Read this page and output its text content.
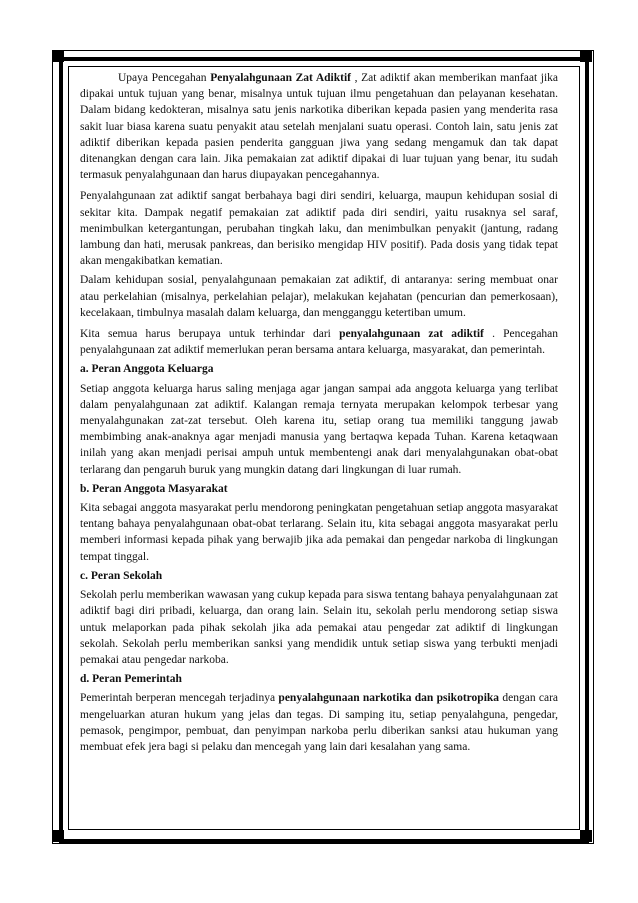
Upaya Pencegahan Penyalahgunaan Zat Adiktif , Zat adiktif akan memberikan manfaat jika dipakai untuk tujuan yang benar, misalnya untuk tujuan ilmu pengetahuan dan pelayanan kesehatan. Dalam bidang kedokteran, misalnya satu jenis narkotika diberikan kepada pasien yang menderita rasa sakit luar biasa karena suatu penyakit atau setelah menjalani suatu operasi. Contoh lain, satu jenis zat adiktif diberikan kepada pasien penderita gangguan jiwa yang sedang mengamuk dan tak dapat ditenangkan dengan cara lain. Jika pemakaian zat adiktif dipakai di luar tujuan yang benar, itu sudah termasuk penyalahgunaan dan harus diupayakan pencegahannya.

Penyalahgunaan zat adiktif sangat berbahaya bagi diri sendiri, keluarga, maupun kehidupan sosial di sekitar kita. Dampak negatif pemakaian zat adiktif pada diri sendiri, yaitu rusaknya sel saraf, menimbulkan ketergantungan, perubahan tingkah laku, dan menimbulkan penyakit (jantung, radang lambung dan hati, merusak pankreas, dan berisiko mengidap HIV positif). Pada dosis yang tidak tepat akan mengakibatkan kematian.

Dalam kehidupan sosial, penyalahgunaan pemakaian zat adiktif, di antaranya: sering membuat onar atau perkelahian (misalnya, perkelahian pelajar), melakukan kejahatan (pencurian dan pemerkosaan), kecelakaan, timbulnya masalah dalam keluarga, dan mengganggu ketertiban umum.

Kita semua harus berupaya untuk terhindar dari penyalahgunaan zat adiktif . Pencegahan penyalahgunaan zat adiktif memerlukan peran bersama antara keluarga, masyarakat, dan pemerintah.

a. Peran Anggota Keluarga

Setiap anggota keluarga harus saling menjaga agar jangan sampai ada anggota keluarga yang terlibat dalam penyalahgunaan zat adiktif. Kalangan remaja ternyata merupakan kelompok terbesar yang menyalahgunakan zat-zat tersebut. Oleh karena itu, setiap orang tua memiliki tanggung jawab membimbing anak-anaknya agar menjadi manusia yang bertaqwa kepada Tuhan. Karena ketaqwaan inilah yang akan menjadi perisai ampuh untuk membentengi anak dari menyalahgunakan obat-obat terlarang dan pengaruh buruk yang mungkin datang dari lingkungan di luar rumah.

b. Peran Anggota Masyarakat

Kita sebagai anggota masyarakat perlu mendorong peningkatan pengetahuan setiap anggota masyarakat tentang bahaya penyalahgunaan obat-obat terlarang. Selain itu, kita sebagai anggota masyarakat perlu memberi informasi kepada pihak yang berwajib jika ada pemakai dan pengedar narkoba di lingkungan tempat tinggal.

c. Peran Sekolah

Sekolah perlu memberikan wawasan yang cukup kepada para siswa tentang bahaya penyalahgunaan zat adiktif bagi diri pribadi, keluarga, dan orang lain. Selain itu, sekolah perlu mendorong setiap siswa untuk melaporkan pada pihak sekolah jika ada pemakai atau pengedar zat adiktif di lingkungan sekolah. Sekolah perlu memberikan sanksi yang mendidik untuk setiap siswa yang terbukti menjadi pemakai atau pengedar narkoba.

d. Peran Pemerintah

Pemerintah berperan mencegah terjadinya penyalahgunaan narkotika dan psikotropika dengan cara mengeluarkan aturan hukum yang jelas dan tegas. Di samping itu, setiap penyalahguna, pengedar, pemasok, pengimpor, pembuat, dan penyimpan narkoba perlu diberikan sanksi atau hukuman yang membuat efek jera bagi si pelaku dan mencegah yang lain dari kesalahan yang sama.
